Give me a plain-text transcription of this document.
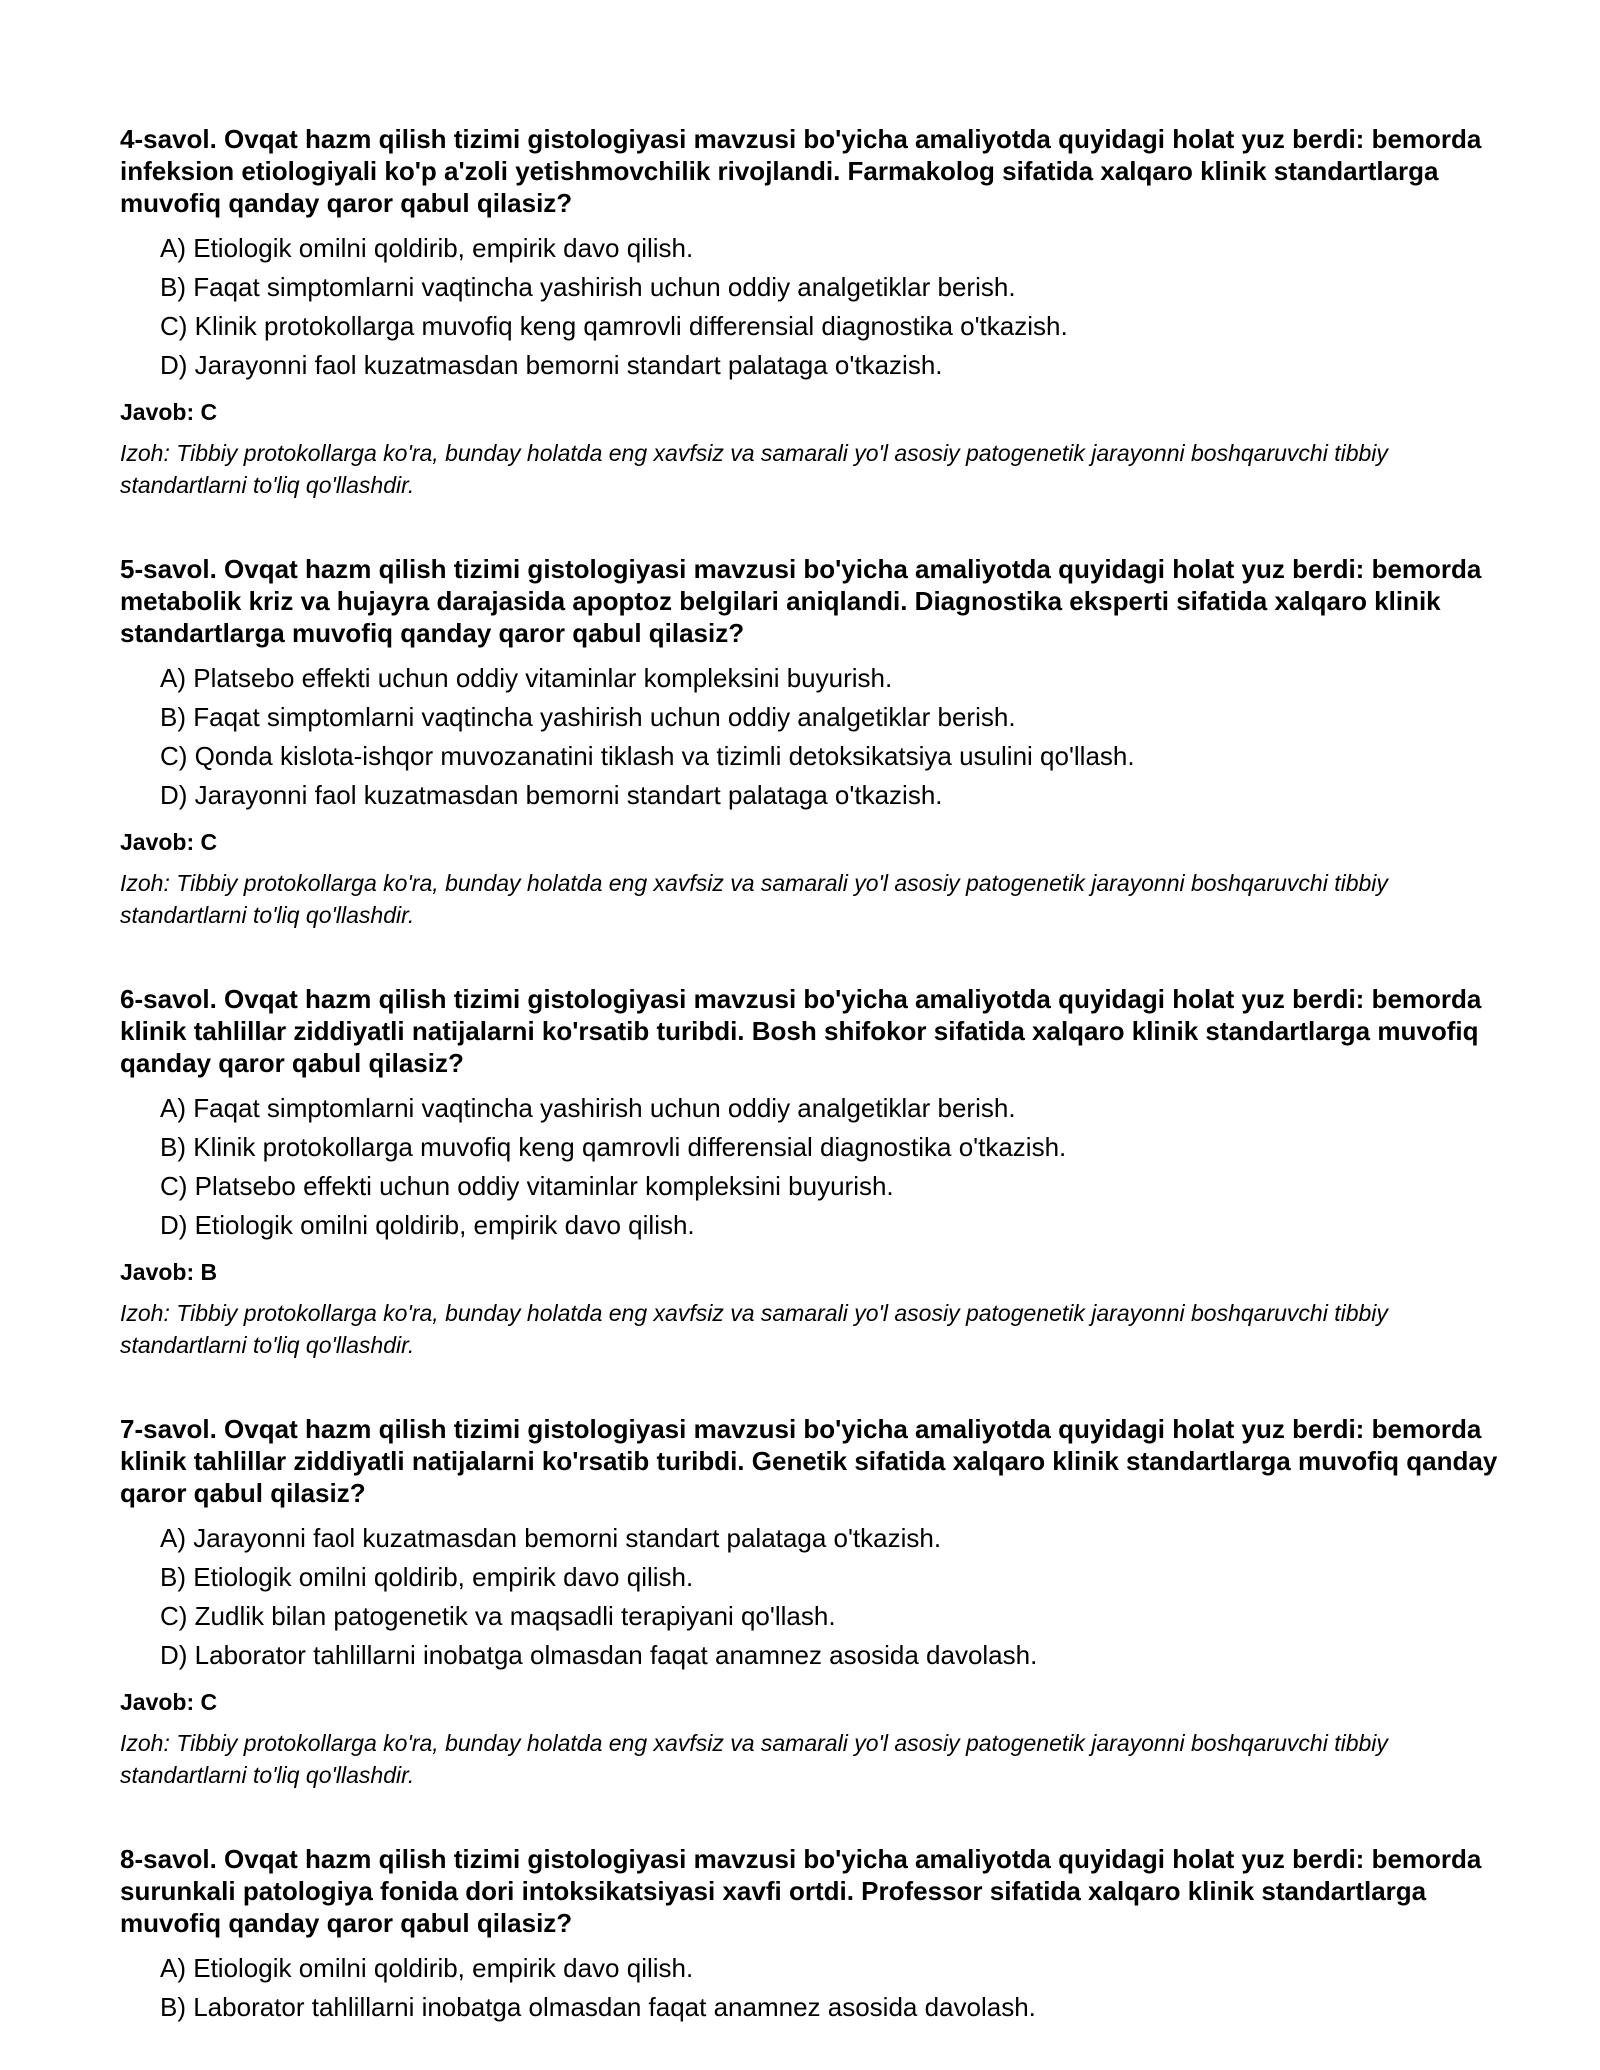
4-savol. Ovqat hazm qilish tizimi gistologiyasi mavzusi bo'yicha amaliyotda quyidagi holat yuz berdi: bemorda infeksion etiologiyali ko'p a'zoli yetishmovchilik rivojlandi. Farmakolog sifatida xalqaro klinik standartlarga muvofiq qanday qaror qabul qilasiz?
A) Etiologik omilni qoldirib, empirik davo qilish.
B) Faqat simptomlarni vaqtincha yashirish uchun oddiy analgetiklar berish.
C) Klinik protokollarga muvofiq keng qamrovli differensial diagnostika o'tkazish.
D) Jarayonni faol kuzatmasdan bemorni standart palataga o'tkazish.
Javob: C
Izoh: Tibbiy protokollarga ko'ra, bunday holatda eng xavfsiz va samarali yo'l asosiy patogenetik jarayonni boshqaruvchi tibbiy standartlarni to'liq qo'llashdir.
5-savol. Ovqat hazm qilish tizimi gistologiyasi mavzusi bo'yicha amaliyotda quyidagi holat yuz berdi: bemorda metabolik kriz va hujayra darajasida apoptoz belgilari aniqlandi. Diagnostika eksperti sifatida xalqaro klinik standartlarga muvofiq qanday qaror qabul qilasiz?
A) Platsebo effekti uchun oddiy vitaminlar kompleksini buyurish.
B) Faqat simptomlarni vaqtincha yashirish uchun oddiy analgetiklar berish.
C) Qonda kislota-ishqor muvozanatini tiklash va tizimli detoksikatsiya usulini qo'llash.
D) Jarayonni faol kuzatmasdan bemorni standart palataga o'tkazish.
Javob: C
Izoh: Tibbiy protokollarga ko'ra, bunday holatda eng xavfsiz va samarali yo'l asosiy patogenetik jarayonni boshqaruvchi tibbiy standartlarni to'liq qo'llashdir.
6-savol. Ovqat hazm qilish tizimi gistologiyasi mavzusi bo'yicha amaliyotda quyidagi holat yuz berdi: bemorda klinik tahlillar ziddiyatli natijalarni ko'rsatib turibdi. Bosh shifokor sifatida xalqaro klinik standartlarga muvofiq qanday qaror qabul qilasiz?
A) Faqat simptomlarni vaqtincha yashirish uchun oddiy analgetiklar berish.
B) Klinik protokollarga muvofiq keng qamrovli differensial diagnostika o'tkazish.
C) Platsebo effekti uchun oddiy vitaminlar kompleksini buyurish.
D) Etiologik omilni qoldirib, empirik davo qilish.
Javob: B
Izoh: Tibbiy protokollarga ko'ra, bunday holatda eng xavfsiz va samarali yo'l asosiy patogenetik jarayonni boshqaruvchi tibbiy standartlarni to'liq qo'llashdir.
7-savol. Ovqat hazm qilish tizimi gistologiyasi mavzusi bo'yicha amaliyotda quyidagi holat yuz berdi: bemorda klinik tahlillar ziddiyatli natijalarni ko'rsatib turibdi. Genetik sifatida xalqaro klinik standartlarga muvofiq qanday qaror qabul qilasiz?
A) Jarayonni faol kuzatmasdan bemorni standart palataga o'tkazish.
B) Etiologik omilni qoldirib, empirik davo qilish.
C) Zudlik bilan patogenetik va maqsadli terapiyani qo'llash.
D) Laborator tahlillarni inobatga olmasdan faqat anamnez asosida davolash.
Javob: C
Izoh: Tibbiy protokollarga ko'ra, bunday holatda eng xavfsiz va samarali yo'l asosiy patogenetik jarayonni boshqaruvchi tibbiy standartlarni to'liq qo'llashdir.
8-savol. Ovqat hazm qilish tizimi gistologiyasi mavzusi bo'yicha amaliyotda quyidagi holat yuz berdi: bemorda surunkali patologiya fonida dori intoksikatsiyasi xavfi ortdi. Professor sifatida xalqaro klinik standartlarga muvofiq qanday qaror qabul qilasiz?
A) Etiologik omilni qoldirib, empirik davo qilish.
B) Laborator tahlillarni inobatga olmasdan faqat anamnez asosida davolash.
